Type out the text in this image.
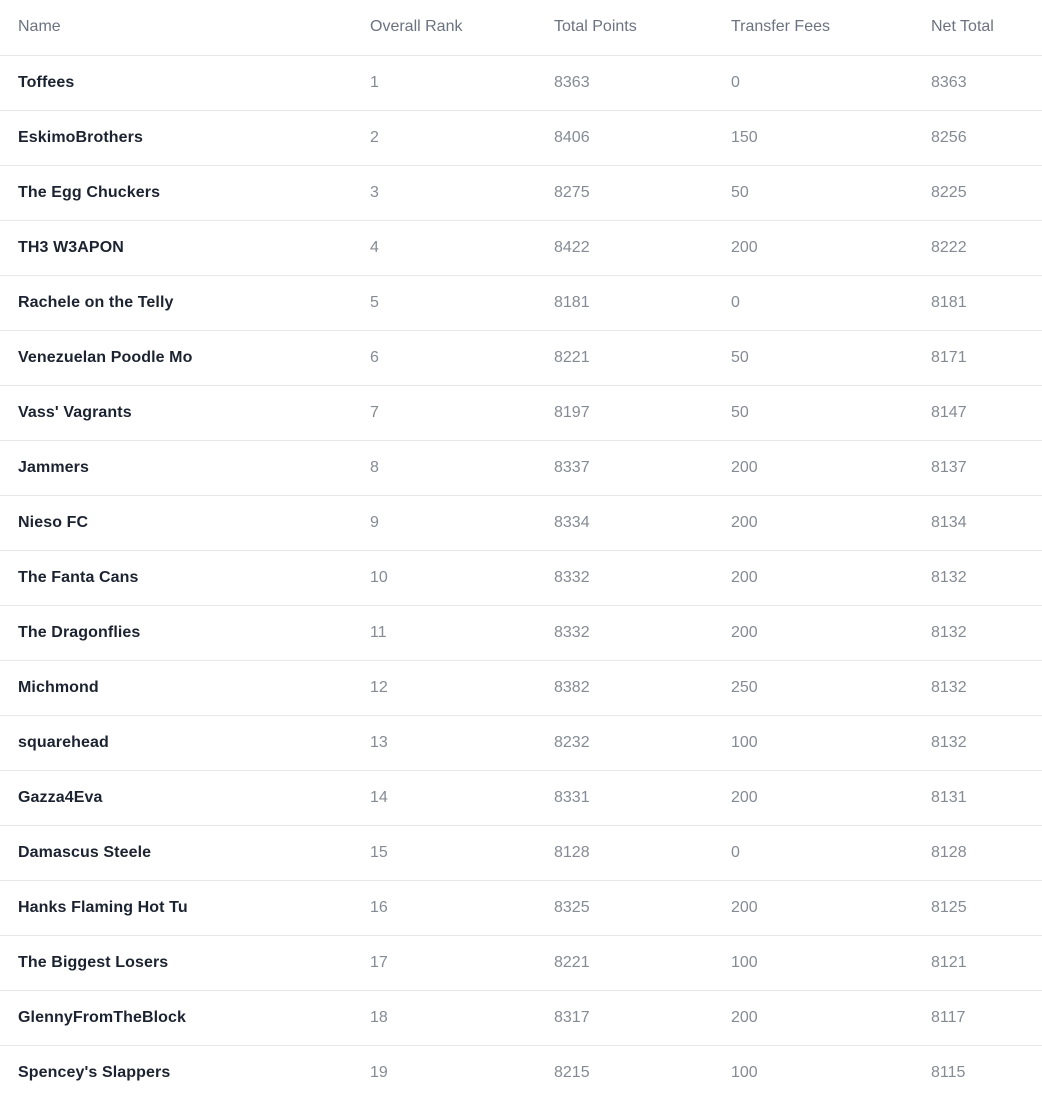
Name	Overall Rank	Total Points	Transfer Fees	Net Total
Toffees	1	8363	0	8363
EskimoBrothers	2	8406	150	8256
The Egg Chuckers	3	8275	50	8225
TH3 W3APON	4	8422	200	8222
Rachele on the Telly	5	8181	0	8181
Venezuelan Poodle Mo	6	8221	50	8171
Vass' Vagrants	7	8197	50	8147
Jammers	8	8337	200	8137
Nieso FC	9	8334	200	8134
The Fanta Cans	10	8332	200	8132
The Dragonflies	11	8332	200	8132
Michmond	12	8382	250	8132
squarehead	13	8232	100	8132
Gazza4Eva	14	8331	200	8131
Damascus Steele	15	8128	0	8128
Hanks Flaming Hot Tu	16	8325	200	8125
The Biggest Losers	17	8221	100	8121
GlennyFromTheBlock	18	8317	200	8117
Spencey's Slappers	19	8215	100	8115
